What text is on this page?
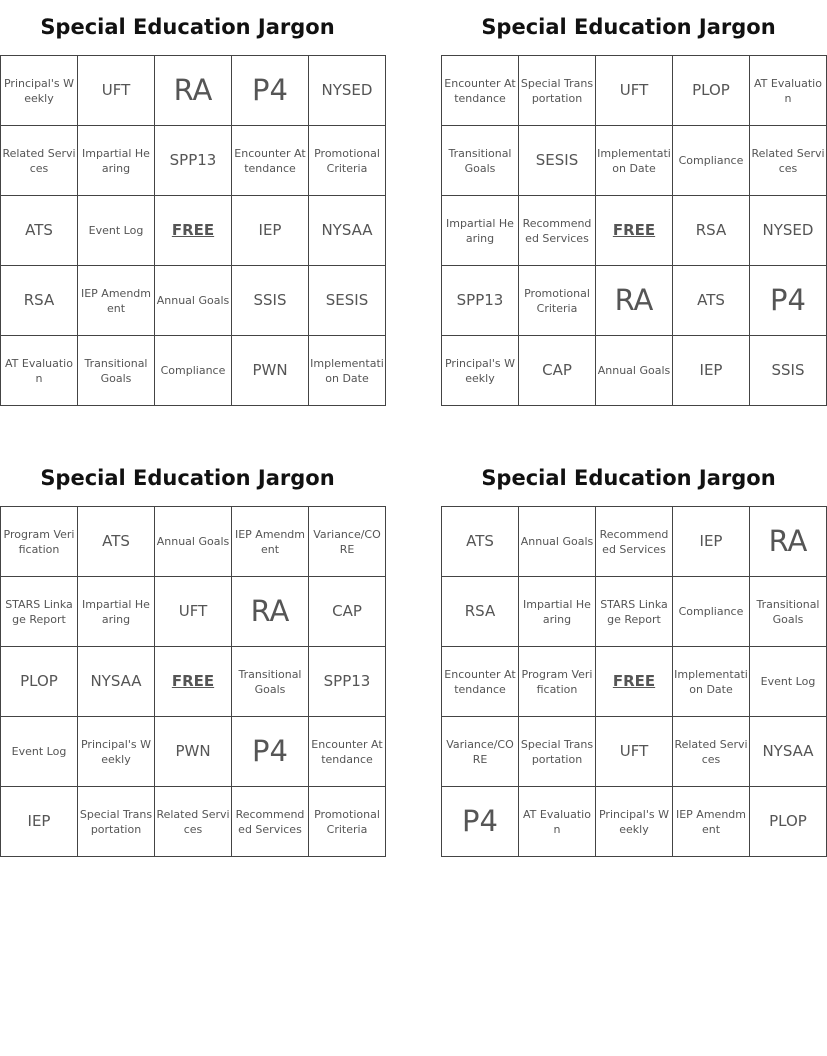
Special Education Jargon
Principal's Weekly	UFT	RA	P4	NYSED
Related Services	Impartial Hearing	SPP13	Encounter Attendance	Promotional Criteria
ATS	Event Log	FREE	IEP	NYSAA
RSA	IEP Amendment	Annual Goals	SSIS	SESIS
AT Evaluation	Transitional Goals	Compliance	PWN	Implementation Date
Special Education Jargon
Encounter Attendance	Special Transportation	UFT	PLOP	AT Evaluation
Transitional Goals	SESIS	Implementation Date	Compliance	Related Services
Impartial Hearing	Recommended Services	FREE	RSA	NYSED
SPP13	Promotional Criteria	RA	ATS	P4
Principal's Weekly	CAP	Annual Goals	IEP	SSIS
Special Education Jargon
Program Verification	ATS	Annual Goals	IEP Amendment	Variance/CORE
STARS Linkage Report	Impartial Hearing	UFT	RA	CAP
PLOP	NYSAA	FREE	Transitional Goals	SPP13
Event Log	Principal's Weekly	PWN	P4	Encounter Attendance
IEP	Special Transportation	Related Services	Recommended Services	Promotional Criteria
Special Education Jargon
ATS	Annual Goals	Recommended Services	IEP	RA
RSA	Impartial Hearing	STARS Linkage Report	Compliance	Transitional Goals
Encounter Attendance	Program Verification	FREE	Implementation Date	Event Log
Variance/CORE	Special Transportation	UFT	Related Services	NYSAA
P4	AT Evaluation	Principal's Weekly	IEP Amendment	PLOP
